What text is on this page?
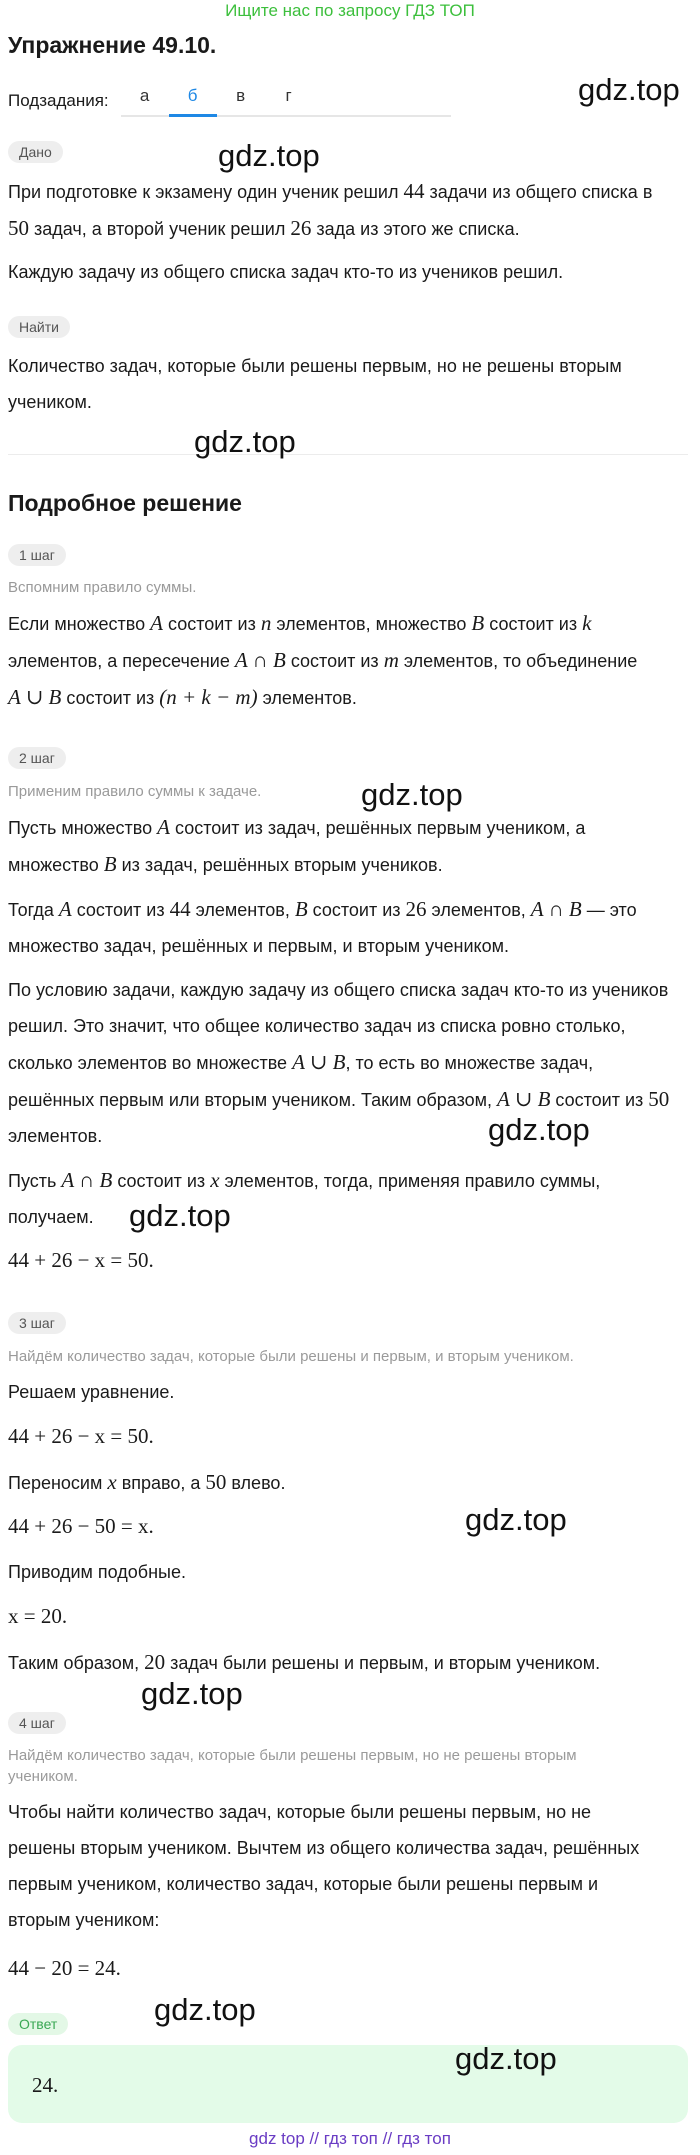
Ищите нас по запросу ГДЗ ТОП
Упражнение 49.10.
Подзадания:	а	б	в	г
Дано

При подготовке к экзамену один ученик решил 44 задачи из общего списка в
50 задач, а второй ученик решил 26 зада из этого же списка.

Каждую задачу из общего списка задач кто-то из учеников решил.

Найти

Количество задач, которые были решены первым, но не решены вторым учеником.

Подробное решение
1 шаг

Вспомним правило суммы.

Если множество A состоит из n элементов, множество B состоит из k
элементов, а пересечение A ∩ B состоит из m элементов, то объединение
A ∪ B состоит из (n + k − m) элементов.

2 шаг

Применим правило суммы к задаче.

Пусть множество A состоит из задач, решённых первым учеником, а
множество B из задач, решённых вторым учеников.

Тогда A состоит из 44 элементов, B состоит из 26 элементов, A ∩ B — это
множество задач, решённых и первым, и вторым учеником.

По условию задачи, каждую задачу из общего списка задач кто-то из учеников
решил. Это значит, что общее количество задач из списка ровно столько,
сколько элементов во множестве A ∪ B, то есть во множестве задач,
решённых первым или вторым учеником. Таким образом, A ∪ B состоит из 50
элементов.

Пусть A ∩ B состоит из x элементов, тогда, применяя правило суммы,
получаем.

44 + 26 − x = 50.

3 шаг

Найдём количество задач, которые были решены и первым, и вторым учеником.

Решаем уравнение.

44 + 26 − x = 50.

Переносим x вправо, а 50 влево.

44 + 26 − 50 = x.

Приводим подобные.

x = 20.

Таким образом, 20 задач были решены и первым, и вторым учеником.

4 шаг

Найдём количество задач, которые были решены первым, но не решены вторым учеником.

Чтобы найти количество задач, которые были решены первым, но не решены вторым учеником. Вычтем из общего количества задач, решённых первым учеником, количество задач, которые были решены первым и вторым учеником:

44 − 20 = 24.

Ответ
24.
gdz.top
gdz.top
gdz.top
gdz.top
gdz.top
gdz.top
gdz.top
gdz.top
gdz.top
gdz.top
gdz top // гдз топ // гдз топ
